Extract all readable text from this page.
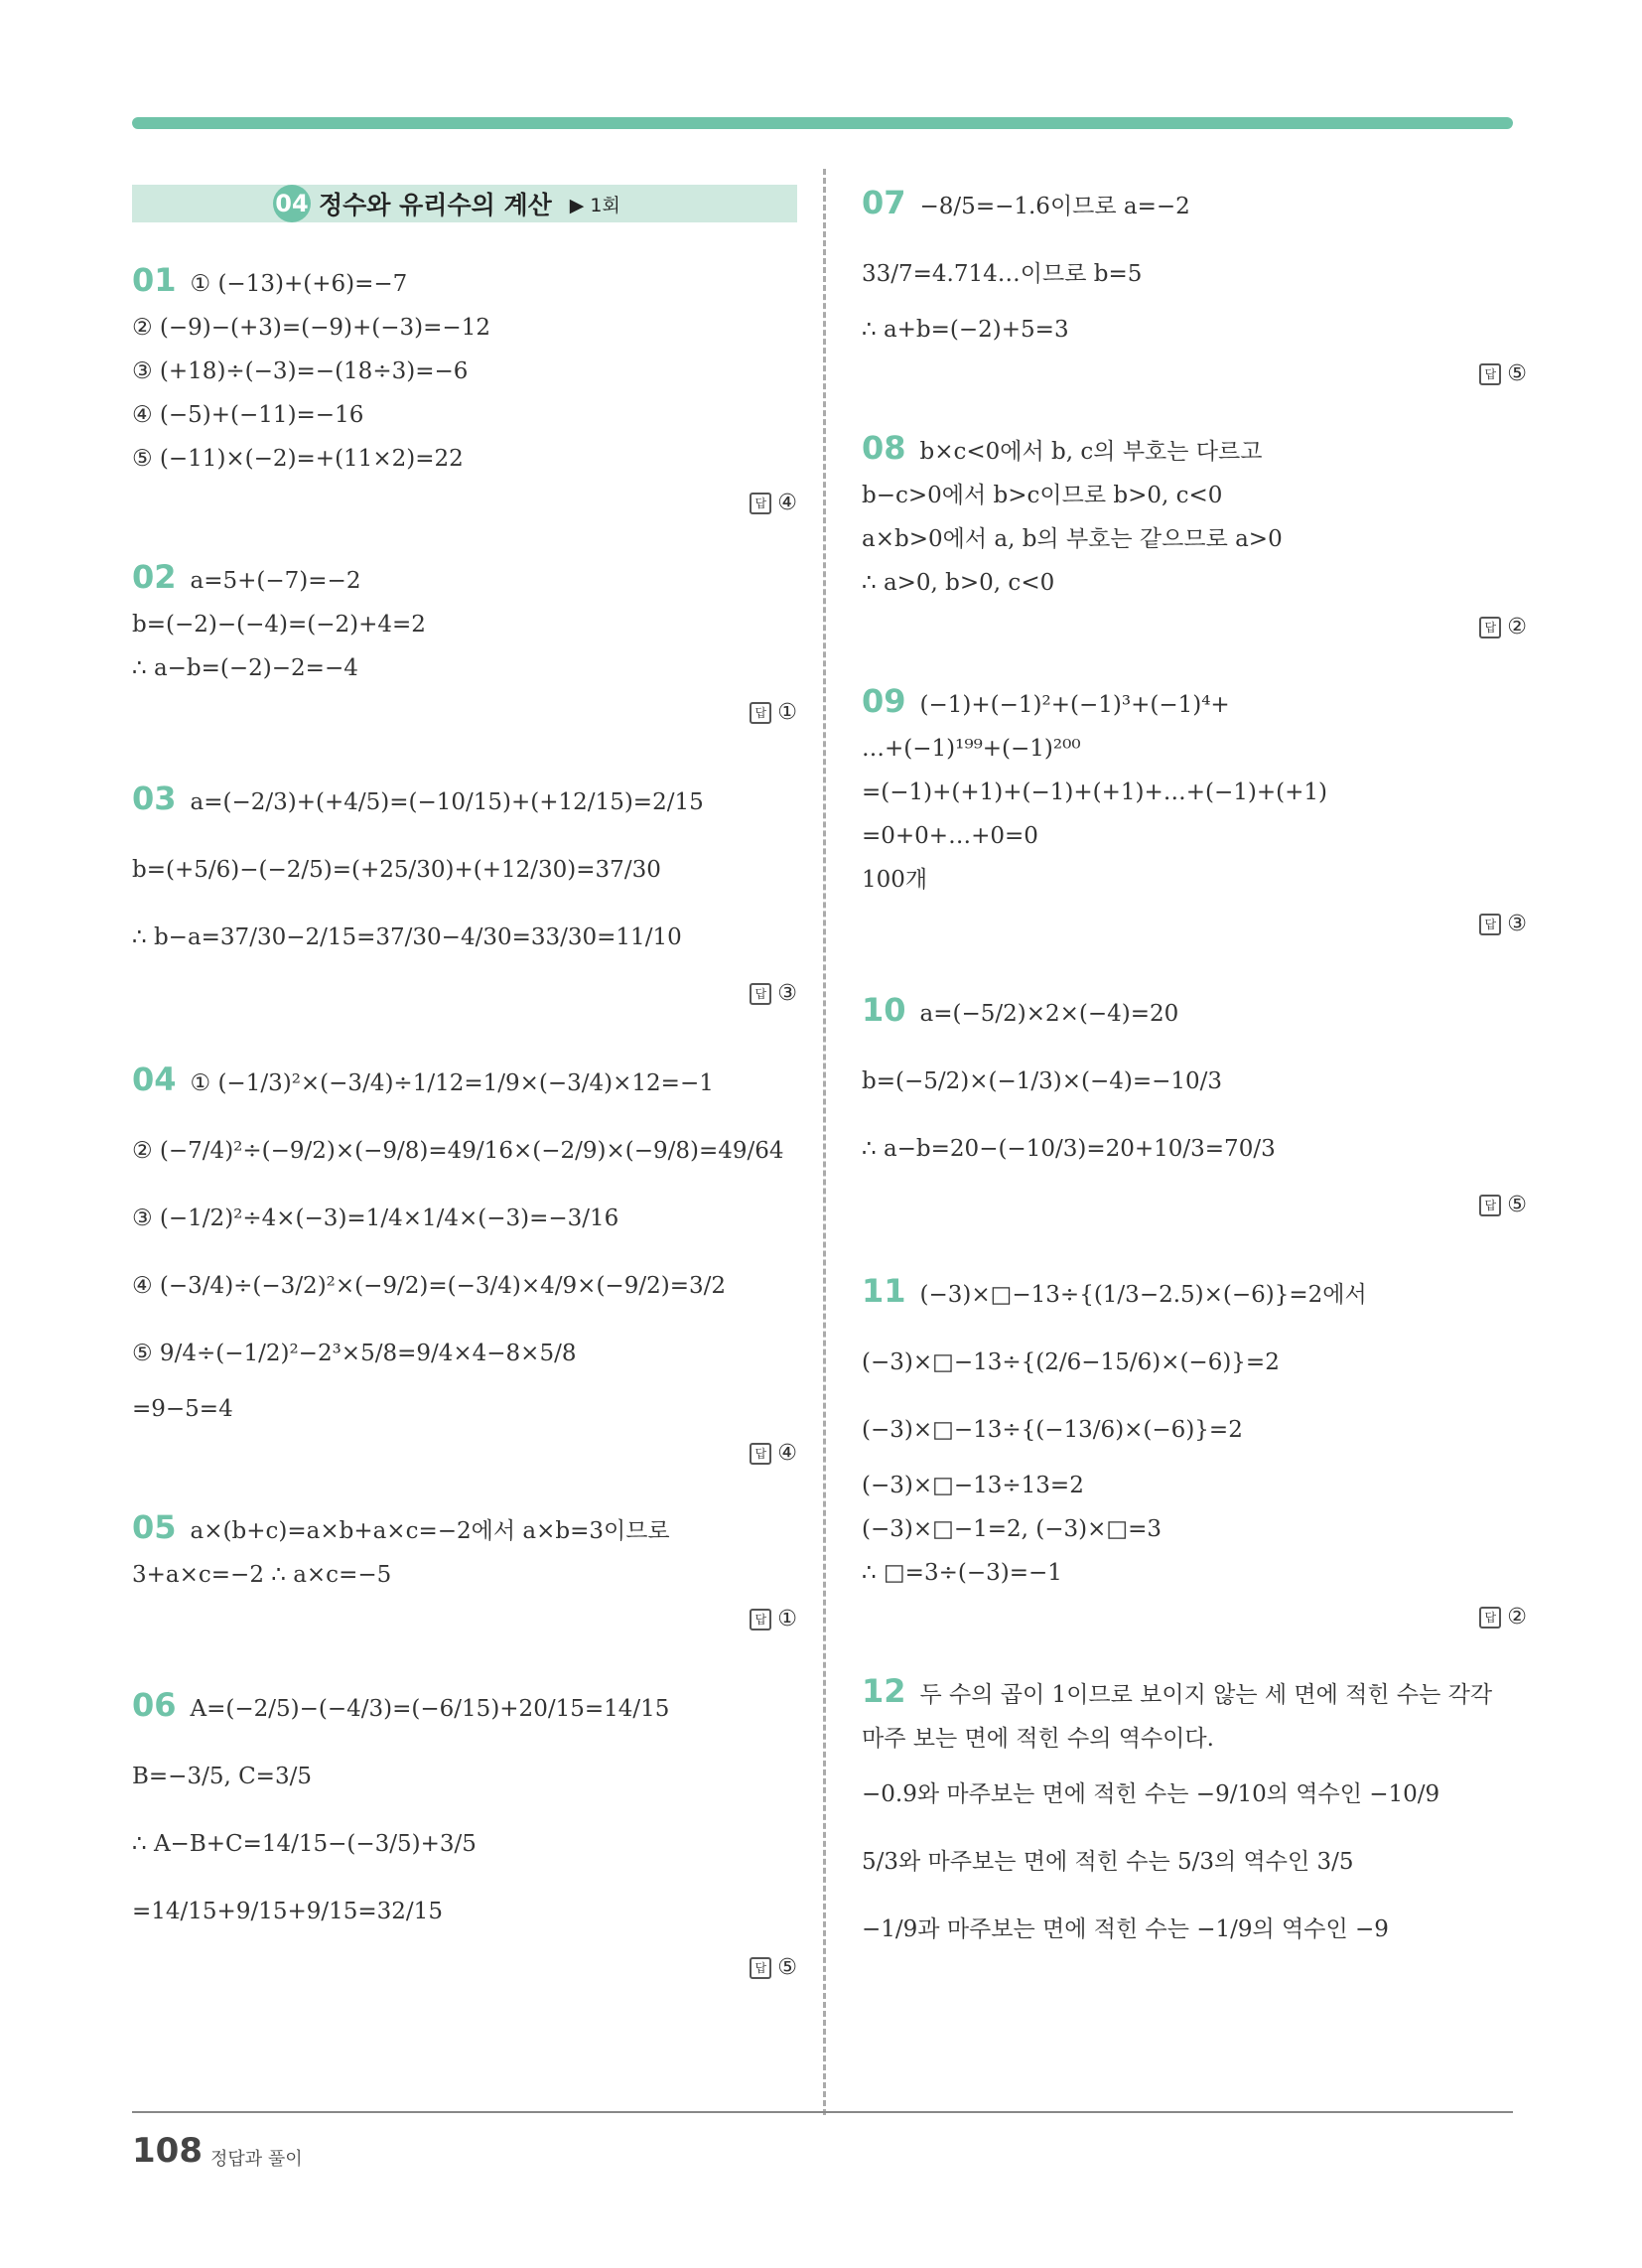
04 정수와 유리수의 계산 ▶ 1회
01 ① (−13)+(+6)=−7
② (−9)−(+3)=(−9)+(−3)=−12
③ (+18)÷(−3)=−(18÷3)=−6
④ (−5)+(−11)=−16
⑤ (−11)×(−2)=+(11×2)=22
답 ④
02 a=5+(−7)=−2
b=(−2)−(−4)=(−2)+4=2
∴ a−b=(−2)−2=−4
답 ①
03 a=(−2/3)+(+4/5)=(−10/15)+(+12/15)=2/15
b=(+5/6)−(−2/5)=(+25/30)+(+12/30)=37/30
∴ b−a=37/30−2/15=37/30−4/30=33/30=11/10
답 ③
04 ① (−1/3)²×(−3/4)÷1/12=1/9×(−3/4)×12=−1
② (−7/4)²÷(−9/2)×(−9/8)=49/16×(−2/9)×(−9/8)=49/64
③ (−1/2)²÷4×(−3)=1/4×1/4×(−3)=−3/16
④ (−3/4)÷(−3/2)²×(−9/2)=(−3/4)×4/9×(−9/2)=3/2
⑤ 9/4÷(−1/2)²−2³×5/8=9/4×4−8×5/8
=9−5=4
답 ④
05 a×(b+c)=a×b+a×c=−2에서 a×b=3이므로
3+a×c=−2 ∴ a×c=−5
답 ①
06 A=(−2/5)−(−4/3)=(−6/15)+20/15=14/15
B=−3/5, C=3/5
∴ A−B+C=14/15−(−3/5)+3/5
=14/15+9/15+9/15=32/15
답 ⑤
07 −8/5=−1.6이므로 a=−2
33/7=4.714…이므로 b=5
∴ a+b=(−2)+5=3
답 ⑤
08 b×c<0에서 b, c의 부호는 다르고
b−c>0에서 b>c이므로 b>0, c<0
a×b>0에서 a, b의 부호는 같으므로 a>0
∴ a>0, b>0, c<0
답 ②
09 (−1)+(−1)²+(−1)³+(−1)⁴+
…+(−1)¹⁹⁹+(−1)²⁰⁰
=(−1)+(+1)+(−1)+(+1)+…+(−1)+(+1)
=0+0+…+0=0
100개
답 ③
10 a=(−5/2)×2×(−4)=20
b=(−5/2)×(−1/3)×(−4)=−10/3
∴ a−b=20−(−10/3)=20+10/3=70/3
답 ⑤
11 (−3)×□−13÷{(1/3−2.5)×(−6)}=2에서
(−3)×□−13÷{(2/6−15/6)×(−6)}=2
(−3)×□−13÷{(−13/6)×(−6)}=2
(−3)×□−13÷13=2
(−3)×□−1=2, (−3)×□=3
∴ □=3÷(−3)=−1
답 ②
12 두 수의 곱이 1이므로 보이지 않는 세 면에 적힌 수는 각각
마주 보는 면에 적힌 수의 역수이다.
−0.9와 마주보는 면에 적힌 수는 −9/10의 역수인 −10/9
5/3와 마주보는 면에 적힌 수는 5/3의 역수인 3/5
−1/9과 마주보는 면에 적힌 수는 −1/9의 역수인 −9
108 정답과 풀이
